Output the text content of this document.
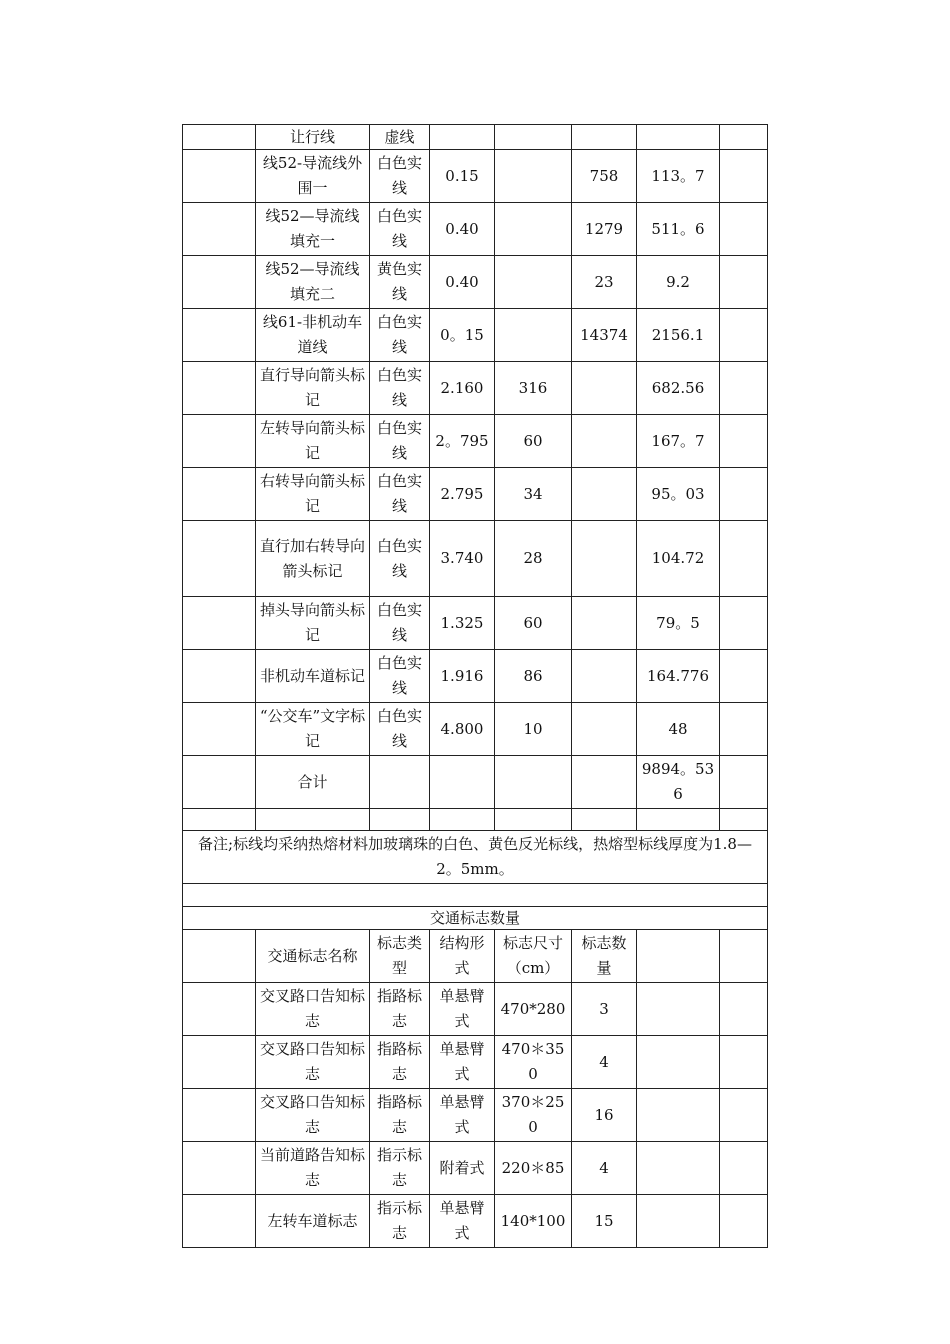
	让行线	虚线					
	线52-导流线外围一	白色实线	0.15		758	113。7	
	线52—导流线填充一	白色实线	0.40		1279	511。6	
	线52—导流线填充二	黄色实线	0.40		23	9.2	
	线61-非机动车道线	白色实线	0。15		14374	2156.1	
	直行导向箭头标记	白色实线	2.160	316		682.56	
	左转导向箭头标记	白色实线	2。795	60		167。7	
	右转导向箭头标记	白色实线	2.795	34		95。03	
	直行加右转导向箭头标记	白色实线	3.740	28		104.72	
	掉头导向箭头标记	白色实线	1.325	60		79。5	
	非机动车道标记	白色实线	1.916	86		164.776	
	“公交车”文字标记	白色实线	4.800	10		48	
	合计					9894。536	

备注;标线均采纳热熔材料加玻璃珠的白色、黄色反光标线，热熔型标线厚度为1.8—2。5mm。							

交通标志数量							
	交通标志名称	标志类型	结构形式	标志尺寸（cm）	标志数量		
	交叉路口告知标志	指路标志	单悬臂式	470*280	3		
	交叉路口告知标志	指路标志	单悬臂式	470＊350	4		
	交叉路口告知标志	指路标志	单悬臂式	370＊250	16		
	当前道路告知标志	指示标志	附着式	220＊85	4		
	左转车道标志	指示标志	单悬臂式	140*100	15		
